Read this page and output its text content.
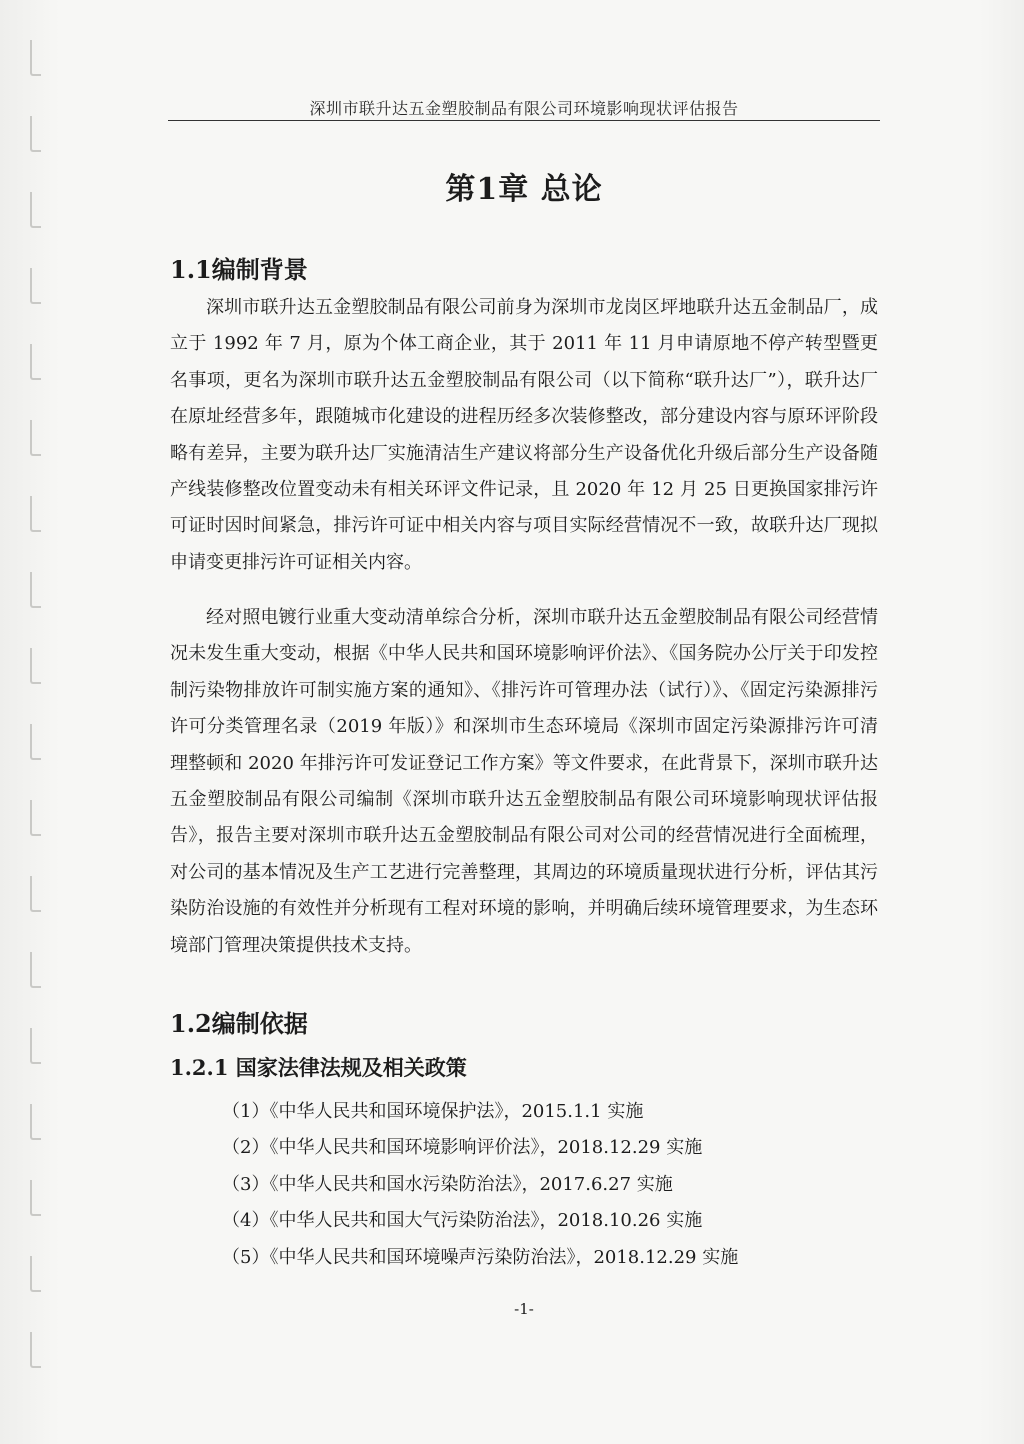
深圳市联升达五金塑胶制品有限公司环境影响现状评估报告
第1章 总论
1.1编制背景

深圳市联升达五金塑胶制品有限公司前身为深圳市龙岗区坪地联升达五金制品厂，成立于 1992 年 7 月，原为个体工商企业，其于 2011 年 11 月申请原地不停产转型暨更名事项，更名为深圳市联升达五金塑胶制品有限公司（以下简称“联升达厂”），联升达厂在原址经营多年，跟随城市化建设的进程历经多次装修整改，部分建设内容与原环评阶段略有差异，主要为联升达厂实施清洁生产建议将部分生产设备优化升级后部分生产设备随产线装修整改位置变动未有相关环评文件记录，且 2020 年 12 月 25 日更换国家排污许可证时因时间紧急，排污许可证中相关内容与项目实际经营情况不一致，故联升达厂现拟申请变更排污许可证相关内容。

经对照电镀行业重大变动清单综合分析，深圳市联升达五金塑胶制品有限公司经营情况未发生重大变动，根据《中华人民共和国环境影响评价法》、《国务院办公厅关于印发控制污染物排放许可制实施方案的通知》、《排污许可管理办法（试行）》、《固定污染源排污许可分类管理名录（2019 年版）》和深圳市生态环境局《深圳市固定污染源排污许可清理整顿和 2020 年排污许可发证登记工作方案》等文件要求，在此背景下，深圳市联升达五金塑胶制品有限公司编制《深圳市联升达五金塑胶制品有限公司环境影响现状评估报告》，报告主要对深圳市联升达五金塑胶制品有限公司对公司的经营情况进行全面梳理，对公司的基本情况及生产工艺进行完善整理，其周边的环境质量现状进行分析，评估其污染防治设施的有效性并分析现有工程对环境的影响，并明确后续环境管理要求，为生态环境部门管理决策提供技术支持。

1.2编制依据
1.2.1 国家法律法规及相关政策
（1）《中华人民共和国环境保护法》，2015.1.1 实施
（2）《中华人民共和国环境影响评价法》，2018.12.29 实施
（3）《中华人民共和国水污染防治法》，2017.6.27 实施
（4）《中华人民共和国大气污染防治法》，2018.10.26 实施
（5）《中华人民共和国环境噪声污染防治法》，2018.12.29 实施
-1-
